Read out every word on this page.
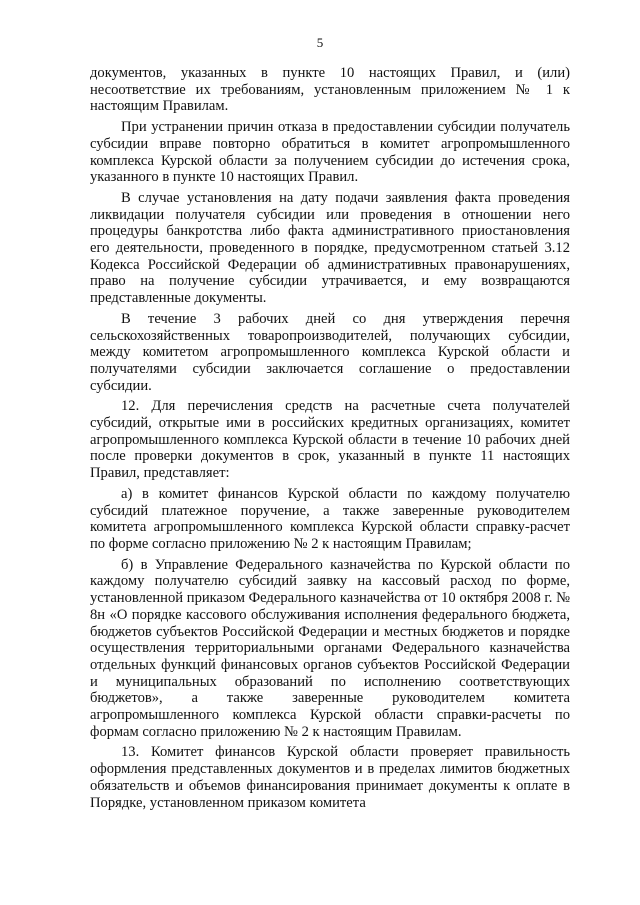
5

документов, указанных в пункте 10 настоящих Правил, и (или) несоответствие их требованиям, установленным приложением № 1 к настоящим Правилам.

При устранении причин отказа в предоставлении субсидии получатель субсидии вправе повторно обратиться в комитет агропромышленного комплекса Курской области за получением субсидии до истечения срока, указанного в пункте 10 настоящих Правил.

В случае установления на дату подачи заявления факта проведения ликвидации получателя субсидии или проведения в отношении него процедуры банкротства либо факта административного приостановления его деятельности, проведенного в порядке, предусмотренном статьей 3.12 Кодекса Российской Федерации об административных правонарушениях, право на получение субсидии утрачивается, и ему возвращаются представленные документы.

В течение 3 рабочих дней со дня утверждения перечня сельскохозяйственных товаропроизводителей, получающих субсидии, между комитетом агропромышленного комплекса Курской области и получателями субсидии заключается соглашение о предоставлении субсидии.

12. Для перечисления средств на расчетные счета получателей субсидий, открытые ими в российских кредитных организациях, комитет агропромышленного комплекса Курской области в течение 10 рабочих дней после проверки документов в срок, указанный в пункте 11 настоящих Правил, представляет:

а) в комитет финансов Курской области по каждому получателю субсидий платежное поручение, а также заверенные руководителем комитета агропромышленного комплекса Курской области справку-расчет по форме согласно приложению № 2 к настоящим Правилам;

б) в Управление Федерального казначейства по Курской области по каждому получателю субсидий заявку на кассовый расход по форме, установленной приказом Федерального казначейства от 10 октября 2008 г. № 8н «О порядке кассового обслуживания исполнения федерального бюджета, бюджетов субъектов Российской Федерации и местных бюджетов и порядке осуществления территориальными органами Федерального казначейства отдельных функций финансовых органов субъектов Российской Федерации и муниципальных образований по исполнению соответствующих бюджетов», а также заверенные руководителем комитета агропромышленного комплекса Курской области справки-расчеты по формам согласно приложению № 2 к настоящим Правилам.

13. Комитет финансов Курской области проверяет правильность оформления представленных документов и в пределах лимитов бюджетных обязательств и объемов финансирования принимает документы к оплате в Порядке, установленном приказом комитета
